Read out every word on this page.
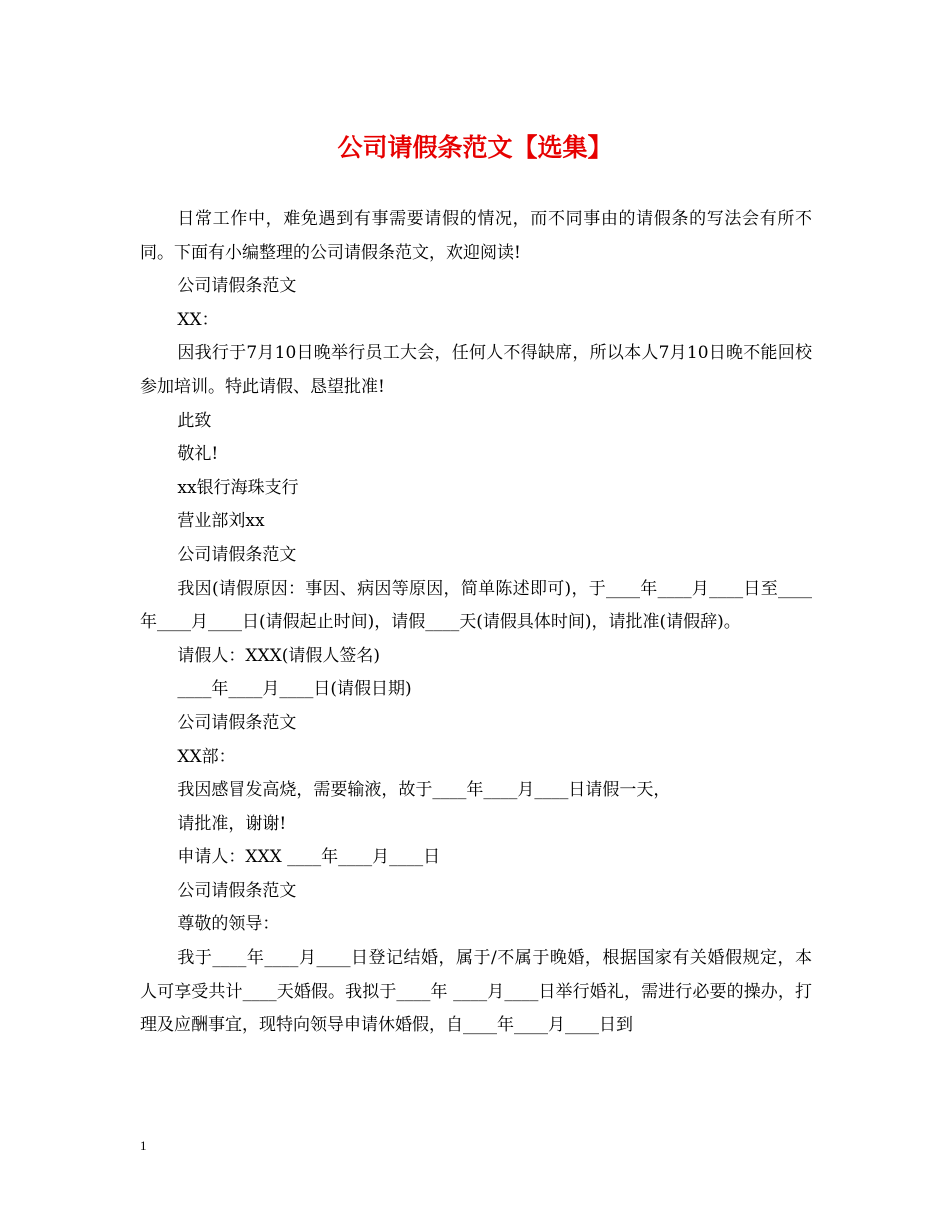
公司请假条范文【选集】

日常工作中，难免遇到有事需要请假的情况，而不同事由的请假条的写法会有所不同。下面有小编整理的公司请假条范文，欢迎阅读!

公司请假条范文

XX：

因我行于7月10日晚举行员工大会，任何人不得缺席，所以本人7月10日晚不能回校参加培训。特此请假、恳望批准!

此致

敬礼!

xx银行海珠支行

营业部刘xx

公司请假条范文

我因(请假原因：事因、病因等原因，简单陈述即可)，于____年____月____日至____年____月____日(请假起止时间)，请假____天(请假具体时间)，请批准(请假辞)。

请假人：XXX(请假人签名)

____年____月____日(请假日期)

公司请假条范文

XX部：

我因感冒发高烧，需要输液，故于____年____月____日请假一天，

请批准，谢谢!

申请人：XXX ____年____月____日

公司请假条范文

尊敬的领导：

我于____年____月____日登记结婚，属于/不属于晚婚，根据国家有关婚假规定，本人可享受共计____天婚假。我拟于____年 ____月____日举行婚礼，需进行必要的操办，打理及应酬事宜，现特向领导申请休婚假，自____年____月____日到

1
